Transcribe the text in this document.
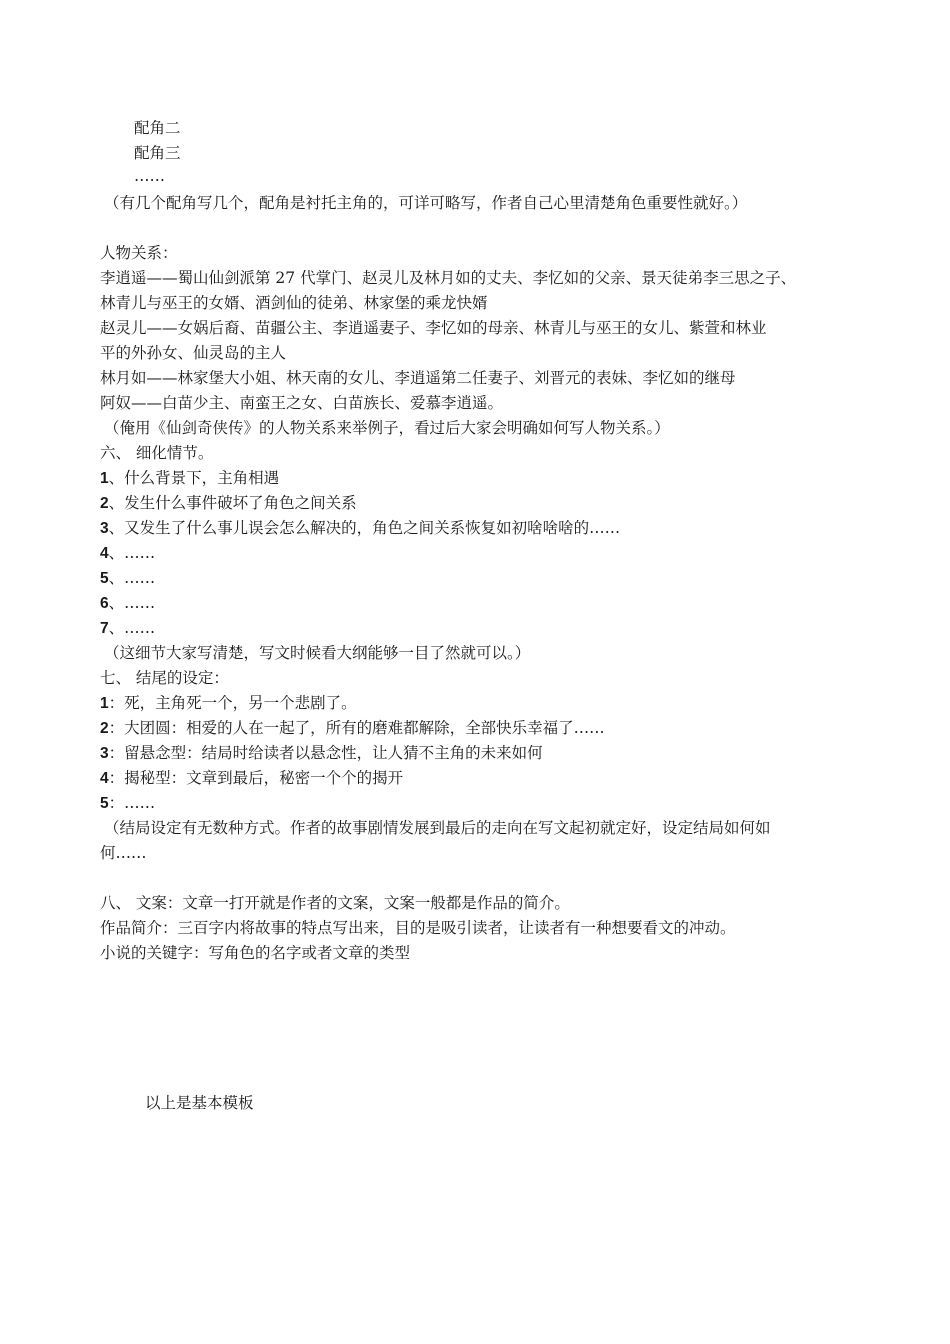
配角二
配角三
……
（有几个配角写几个，配角是衬托主角的，可详可略写，作者自己心里清楚角色重要性就好。）
人物关系：
李逍遥——蜀山仙剑派第 27 代掌门、赵灵儿及林月如的丈夫、李忆如的父亲、景天徒弟李三思之子、
林青儿与巫王的女婿、酒剑仙的徒弟、林家堡的乘龙快婿
赵灵儿——女娲后裔、苗疆公主、李逍遥妻子、李忆如的母亲、林青儿与巫王的女儿、紫萱和林业
平的外孙女、仙灵岛的主人
林月如——林家堡大小姐、林天南的女儿、李逍遥第二任妻子、刘晋元的表妹、李忆如的继母
阿奴——白苗少主、南蛮王之女、白苗族长、爱慕李逍遥。
（俺用《仙剑奇侠传》的人物关系来举例子，看过后大家会明确如何写人物关系。）
六、 细化情节。
1、什么背景下，主角相遇
2、发生什么事件破坏了角色之间关系
3、又发生了什么事儿误会怎么解决的，角色之间关系恢复如初啥啥啥的……
4、……
5、……
6、……
7、……
（这细节大家写清楚，写文时候看大纲能够一目了然就可以。）
七、 结尾的设定：
1：死，主角死一个，另一个悲剧了。
2：大团圆：相爱的人在一起了，所有的磨难都解除，全部快乐幸福了……
3：留悬念型：结局时给读者以悬念性，让人猜不主角的未来如何
4：揭秘型：文章到最后，秘密一个个的揭开
5：……
（结局设定有无数种方式。作者的故事剧情发展到最后的走向在写文起初就定好，设定结局如何如
何……
八、 文案：文章一打开就是作者的文案，文案一般都是作品的简介。
作品简介：三百字内将故事的特点写出来，目的是吸引读者，让读者有一种想要看文的冲动。
小说的关键字：写角色的名字或者文章的类型
以上是基本模板
